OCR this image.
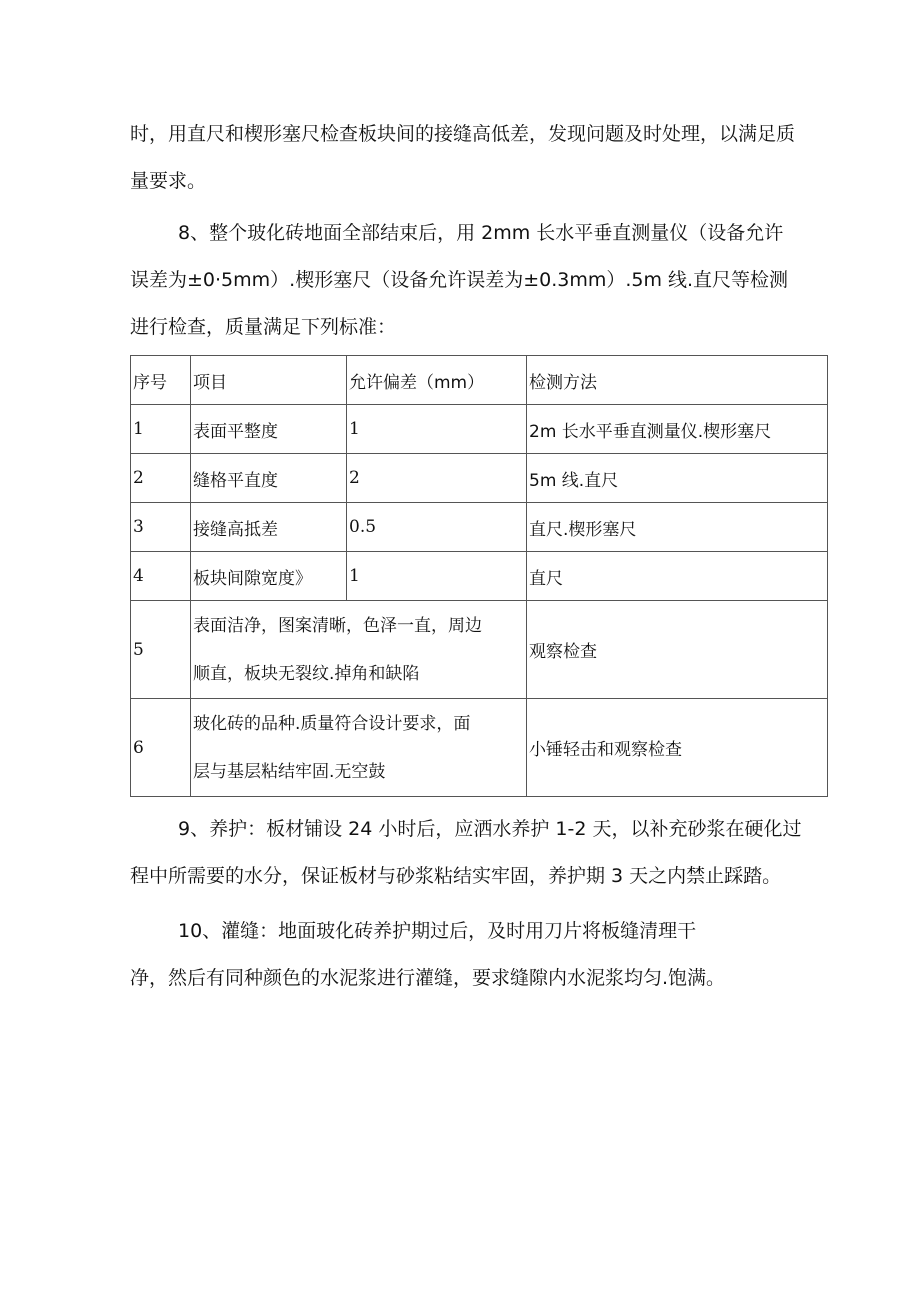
时，用直尺和楔形塞尺检查板块间的接缝高低差，发现问题及时处理，以满足质
量要求。
8、整个玻化砖地面全部结束后，用 2mm 长水平垂直测量仪（设备允许
误差为±0·5mm）.楔形塞尺（设备允许误差为±0.3mm）.5m 线.直尺等检测
进行检查，质量满足下列标准：
序号	项目	允许偏差（mm）	检测方法
1	表面平整度	1	2m 长水平垂直测量仪.楔形塞尺
2	缝格平直度	2	5m 线.直尺
3	接缝高抵差	0.5	直尺.楔形塞尺
4	板块间隙宽度》	1	直尺
5	表面洁净，图案清晰，色泽一直，周边
顺直，板块无裂纹.掉角和缺陷		观察检查
6	玻化砖的品种.质量符合设计要求，面
层与基层粘结牢固.无空鼓		小锤轻击和观察检查
9、养护：板材铺设 24 小时后，应洒水养护 1-2 天，以补充砂浆在硬化过
程中所需要的水分，保证板材与砂浆粘结实牢固，养护期 3 天之内禁止踩踏。
10、灌缝：地面玻化砖养护期过后，及时用刀片将板缝清理干
净，然后有同种颜色的水泥浆进行灌缝，要求缝隙内水泥浆均匀.饱满。
